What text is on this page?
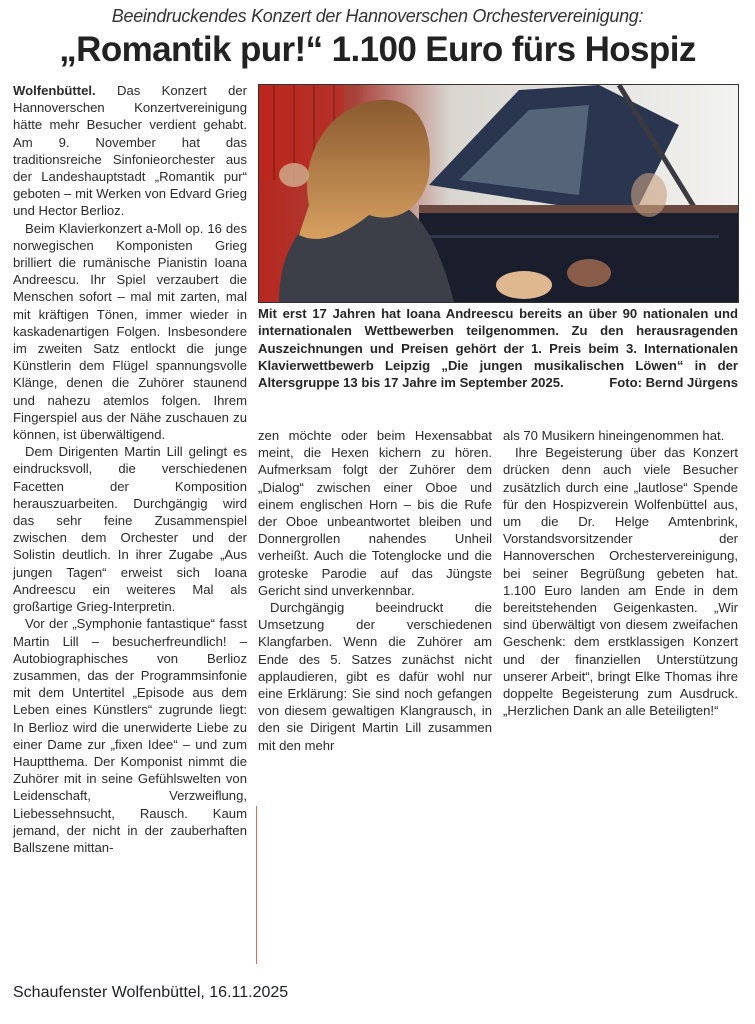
Beeindruckendes Konzert der Hannoverschen Orchestervereinigung:
„Romantik pur!“ 1.100 Euro fürs Hospiz

Wolfenbüttel. Das Konzert der Hannoverschen Konzertvereinigung hätte mehr Besucher verdient gehabt. Am 9. November hat das traditionsreiche Sinfonieorchester aus der Landeshauptstadt „Romantik pur“ geboten – mit Werken von Edvard Grieg und Hector Berlioz.

Beim Klavierkonzert a-Moll op. 16 des norwegischen Komponisten Grieg brilliert die rumänische Pianistin Ioana Andreescu. Ihr Spiel verzaubert die Menschen sofort – mal mit zarten, mal mit kräftigen Tönen, immer wieder in kaskadenartigen Folgen. Insbesondere im zweiten Satz entlockt die junge Künstlerin dem Flügel spannungsvolle Klänge, denen die Zuhörer staunend und nahezu atemlos folgen. Ihrem Fingerspiel aus der Nähe zuschauen zu können, ist überwältigend.

Dem Dirigenten Martin Lill gelingt es eindrucksvoll, die verschiedenen Facetten der Komposition herauszuarbeiten. Durchgängig wird das sehr feine Zusammenspiel zwischen dem Orchester und der Solistin deutlich. In ihrer Zugabe „Aus jungen Tagen“ erweist sich Ioana Andreescu ein weiteres Mal als großartige Grieg-Interpretin.

Vor der „Symphonie fantastique“ fasst Martin Lill – besucherfreundlich! – Autobiographisches von Berlioz zusammen, das der Programmsinfonie mit dem Untertitel „Episode aus dem Leben eines Künstlers“ zugrunde liegt: In Berlioz wird die unerwiderte Liebe zu einer Dame zur „fixen Idee“ – und zum Hauptthema. Der Komponist nimmt die Zuhörer mit in seine Gefühlswelten von Leidenschaft, Verzweiflung, Liebessehnsucht, Rausch. Kaum jemand, der nicht in der zauberhaften Ballszene mittan-

Mit erst 17 Jahren hat Ioana Andreescu bereits an über 90 nationalen und internationalen Wettbewerben teilgenommen. Zu den herausragenden Auszeichnungen und Preisen gehört der 1. Preis beim 3. Internationalen Klavierwettbewerb Leipzig „Die jungen musikalischen Löwen“ in der Altersgruppe 13 bis 17 Jahre im September 2025.	Foto: Bernd Jürgens

zen möchte oder beim Hexensabbat meint, die Hexen kichern zu hören. Aufmerksam folgt der Zuhörer dem „Dialog“ zwischen einer Oboe und einem englischen Horn – bis die Rufe der Oboe unbeantwortet bleiben und Donnergrollen nahendes Unheil verheißt. Auch die Totenglocke und die groteske Parodie auf das Jüngste Gericht sind unverkennbar.

Durchgängig beeindruckt die Umsetzung der verschiedenen Klangfarben. Wenn die Zuhörer am Ende des 5. Satzes zunächst nicht applaudieren, gibt es dafür wohl nur eine Erklärung: Sie sind noch gefangen von diesem gewaltigen Klangrausch, in den sie Dirigent Martin Lill zusammen mit den mehr

als 70 Musikern hineingenommen hat.

Ihre Begeisterung über das Konzert drücken denn auch viele Besucher zusätzlich durch eine „lautlose“ Spende für den Hospizverein Wolfenbüttel aus, um die Dr. Helge Amtenbrink, Vorstandsvorsitzender der Hannoverschen Orchestervereinigung, bei seiner Begrüßung gebeten hat. 1.100 Euro landen am Ende in dem bereitstehenden Geigenkasten. „Wir sind überwältigt von diesem zweifachen Geschenk: dem erstklassigen Konzert und der finanziellen Unterstützung unserer Arbeit“, bringt Elke Thomas ihre doppelte Begeisterung zum Ausdruck. „Herzlichen Dank an alle Beteiligten!“

Schaufenster Wolfenbüttel, 16.11.2025
